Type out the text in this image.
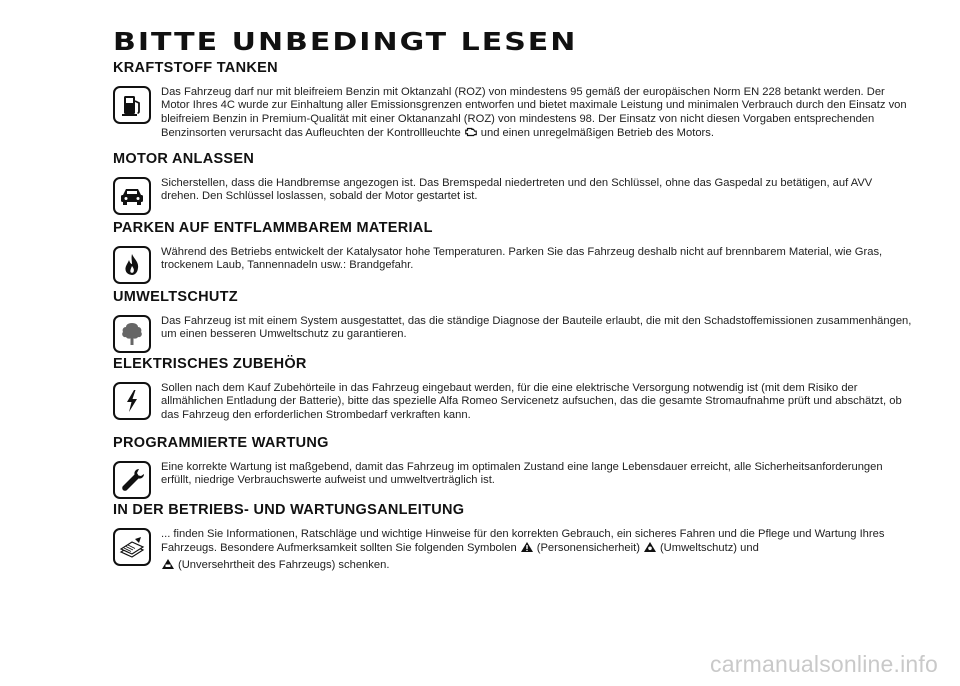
BITTE UNBEDINGT LESEN
KRAFTSTOFF TANKEN
Das Fahrzeug darf nur mit bleifreiem Benzin mit Oktanzahl (ROZ) von mindestens 95 gemäß der europäischen Norm EN 228 betankt werden. Der Motor Ihres 4C wurde zur Einhaltung aller Emissionsgrenzen entworfen und bietet maximale Leistung und minimalen Verbrauch durch den Einsatz von bleifreiem Benzin in Premium-Qualität mit einer Oktananzahl (ROZ) von mindestens 98. Der Einsatz von nicht diesen Vorgaben entsprechenden Benzinsorten verursacht das Aufleuchten der Kontrollleuchte und einen unregelmäßigen Betrieb des Motors.
MOTOR ANLASSEN
Sicherstellen, dass die Handbremse angezogen ist. Das Bremspedal niedertreten und den Schlüssel, ohne das Gaspedal zu betätigen, auf AVV drehen. Den Schlüssel loslassen, sobald der Motor gestartet ist.
PARKEN AUF ENTFLAMMBAREM MATERIAL
Während des Betriebs entwickelt der Katalysator hohe Temperaturen. Parken Sie das Fahrzeug deshalb nicht auf brennbarem Material, wie Gras, trockenem Laub, Tannennadeln usw.: Brandgefahr.
UMWELTSCHUTZ
Das Fahrzeug ist mit einem System ausgestattet, das die ständige Diagnose der Bauteile erlaubt, die mit den Schadstoffemissionen zusammenhängen, um einen besseren Umweltschutz zu garantieren.
ELEKTRISCHES ZUBEHÖR
Sollen nach dem Kauf Zubehörteile in das Fahrzeug eingebaut werden, für die eine elektrische Versorgung notwendig ist (mit dem Risiko der allmählichen Entladung der Batterie), bitte das spezielle Alfa Romeo Servicenetz aufsuchen, das die gesamte Stromaufnahme prüft und abschätzt, ob das Fahrzeug den erforderlichen Strombedarf verkraften kann.
PROGRAMMIERTE WARTUNG
Eine korrekte Wartung ist maßgebend, damit das Fahrzeug im optimalen Zustand eine lange Lebensdauer erreicht, alle Sicherheitsanforderungen erfüllt, niedrige Verbrauchswerte aufweist und umweltverträglich ist.
IN DER BETRIEBS- UND WARTUNGSANLEITUNG
... finden Sie Informationen, Ratschläge und wichtige Hinweise für den korrekten Gebrauch, ein sicheres Fahren und die Pflege und Wartung Ihres Fahrzeugs. Besondere Aufmerksamkeit sollten Sie folgenden Symbolen (Personensicherheit) (Umweltschutz) und
(Unversehrtheit des Fahrzeugs) schenken.
carmanualsonline.info
